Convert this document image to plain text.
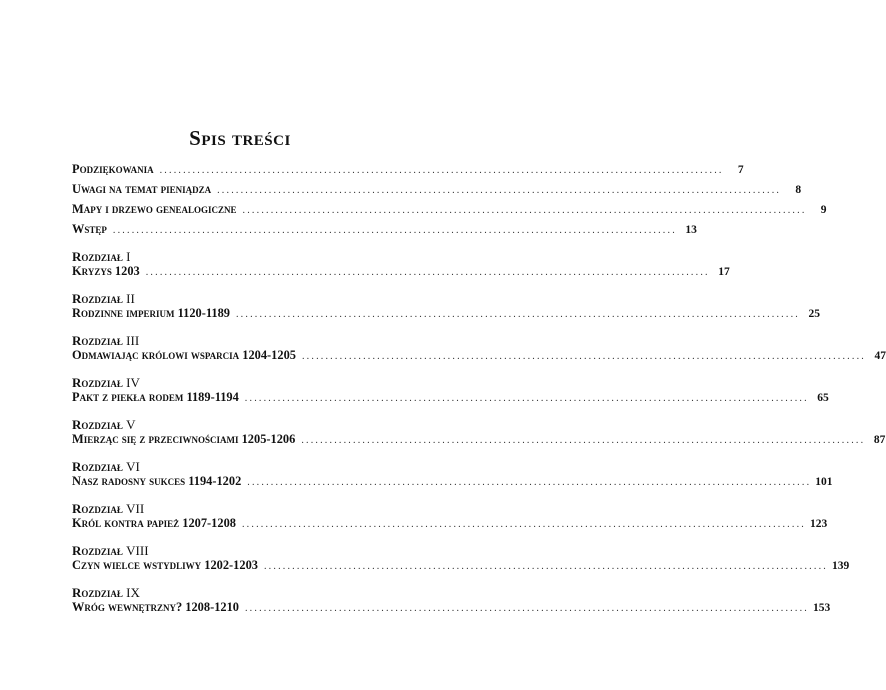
Spis treści
Podziękowania ........................................................................................................................	7
Uwagi na temat pieniądza ........................................................................................................................	8
Mapy i drzewo genealogiczne ........................................................................................................................	9
Wstęp ........................................................................................................................ 13
Rozdział I
Kryzys 1203 ........................................................................................................................ 17
Rozdział II
Rodzinne imperium 1120-1189 ........................................................................................................................ 25
Rozdział III
Odmawiając królowi wsparcia 1204-1205 ........................................................................................................................ 47
Rozdział IV
Pakt z piekła rodem 1189-1194 ........................................................................................................................ 65
Rozdział V
Mierząc się z przeciwnościami 1205-1206 ........................................................................................................................ 87
Rozdział VI
Nasz radosny sukces 1194-1202 ........................................................................................................................ 101
Rozdział VII
Król kontra papież 1207-1208 ........................................................................................................................ 123
Rozdział VIII
Czyn wielce wstydliwy 1202-1203 ........................................................................................................................ 139
Rozdział IX
Wróg wewnętrzny? 1208-1210 ........................................................................................................................ 153
